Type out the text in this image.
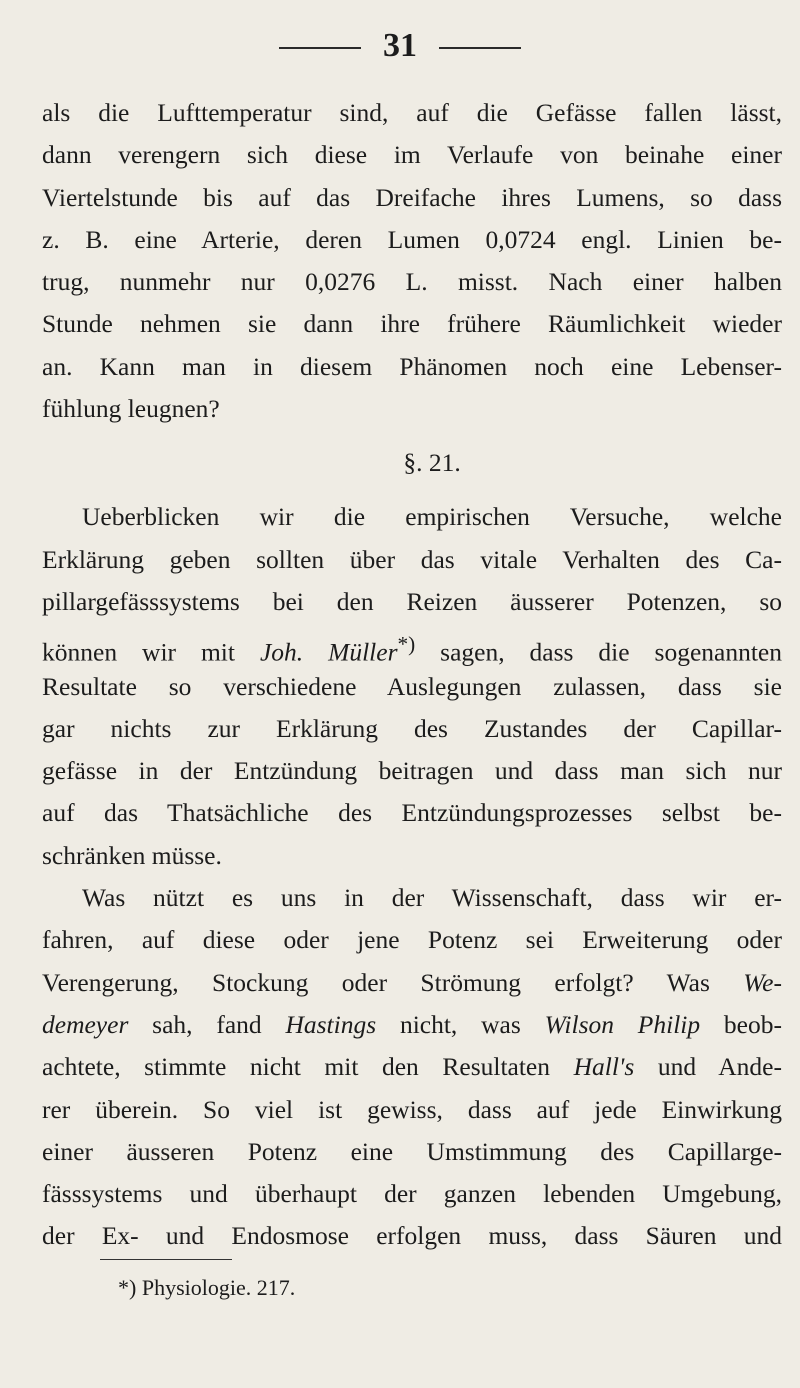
31
als die Lufttemperatur sind, auf die Gefässe fallen lässt,
dann verengern sich diese im Verlaufe von beinahe einer
Viertelstunde bis auf das Dreifache ihres Lumens, so dass
z. B. eine Arterie, deren Lumen 0,0724 engl. Linien be-
trug, nunmehr nur 0,0276 L. misst. Nach einer halben
Stunde nehmen sie dann ihre frühere Räumlichkeit wieder
an. Kann man in diesem Phänomen noch eine Lebenser-
fühlung leugnen?
§. 21.
Ueberblicken wir die empirischen Versuche, welche
Erklärung geben sollten über das vitale Verhalten des Ca-
pillargefässsystems bei den Reizen äusserer Potenzen, so
können wir mit Joh. Müller*) sagen, dass die sogenannten
Resultate so verschiedene Auslegungen zulassen, dass sie
gar nichts zur Erklärung des Zustandes der Capillar-
gefässe in der Entzündung beitragen und dass man sich nur
auf das Thatsächliche des Entzündungsprozesses selbst be-
schränken müsse.
Was nützt es uns in der Wissenschaft, dass wir er-
fahren, auf diese oder jene Potenz sei Erweiterung oder
Verengerung, Stockung oder Strömung erfolgt? Was We-
demeyer sah, fand Hastings nicht, was Wilson Philip beob-
achtete, stimmte nicht mit den Resultaten Hall's und Ande-
rer überein. So viel ist gewiss, dass auf jede Einwirkung
einer äusseren Potenz eine Umstimmung des Capillarge-
fässsystems und überhaupt der ganzen lebenden Umgebung,
der Ex- und Endosmose erfolgen muss, dass Säuren und
*) Physiologie. 217.
